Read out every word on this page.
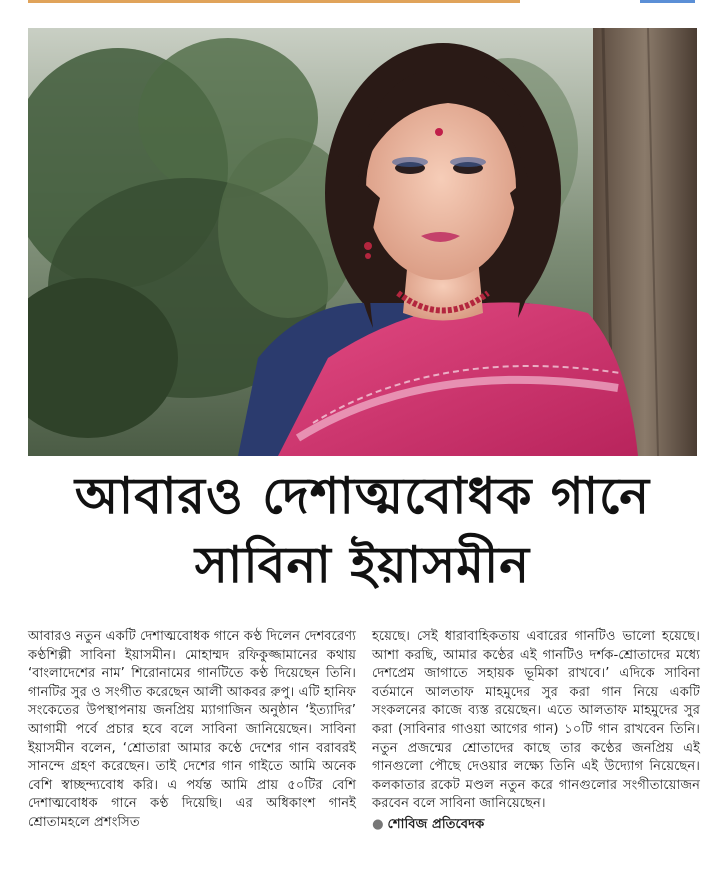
আবারও দেশাত্মবোধক গানে
সাবিনা ইয়াসমীন

আবারও নতুন একটি দেশাত্মবোধক গানে কণ্ঠ দিলেন দেশবরেণ্য কণ্ঠশিল্পী সাবিনা ইয়াসমীন। মোহাম্মদ রফিকুজ্জামানের কথায় ‘বাংলাদেশের নাম’ শিরোনামের গানটিতে কণ্ঠ দিয়েছেন তিনি। গানটির সুর ও সংগীত করেছেন আলী আকবর রুপু। এটি হানিফ সংকেতের উপস্থাপনায় জনপ্রিয় ম্যাগাজিন অনুষ্ঠান ‘ইত্যাদির’ আগামী পর্বে প্রচার হবে বলে সাবিনা জানিয়েছেন। সাবিনা ইয়াসমীন বলেন, ‘শ্রোতারা আমার কণ্ঠে দেশের গান বরাবরই সানন্দে গ্রহণ করেছেন। তাই দেশের গান গাইতে আমি অনেক বেশি স্বাচ্ছন্দ্যবোধ করি। এ পর্যন্ত আমি প্রায় ৫০টির বেশি দেশাত্মবোধক গানে কণ্ঠ দিয়েছি। এর অধিকাংশ গানই শ্রোতামহলে প্রশংসিত

হয়েছে। সেই ধারাবাহিকতায় এবারের গানটিও ভালো হয়েছে। আশা করছি, আমার কণ্ঠের এই গানটিও দর্শক-শ্রোতাদের মধ্যে দেশপ্রেম জাগাতে সহায়ক ভূমিকা রাখবে।’ এদিকে সাবিনা বর্তমানে আলতাফ মাহমুদের সুর করা গান নিয়ে একটি সংকলনের কাজে ব্যস্ত রয়েছেন। এতে আলতাফ মাহমুদের সুর করা (সাবিনার গাওয়া আগের গান) ১০টি গান রাখবেন তিনি। নতুন প্রজন্মের শ্রোতাদের কাছে তার কণ্ঠের জনপ্রিয় এই গানগুলো পৌছে দেওয়ার লক্ষ্যে তিনি এই উদ্যোগ নিয়েছেন। কলকাতার রকেট মণ্ডল নতুন করে গানগুলোর সংগীতায়োজন করবেন বলে সাবিনা জানিয়েছেন।

● শোবিজ প্রতিবেদক
